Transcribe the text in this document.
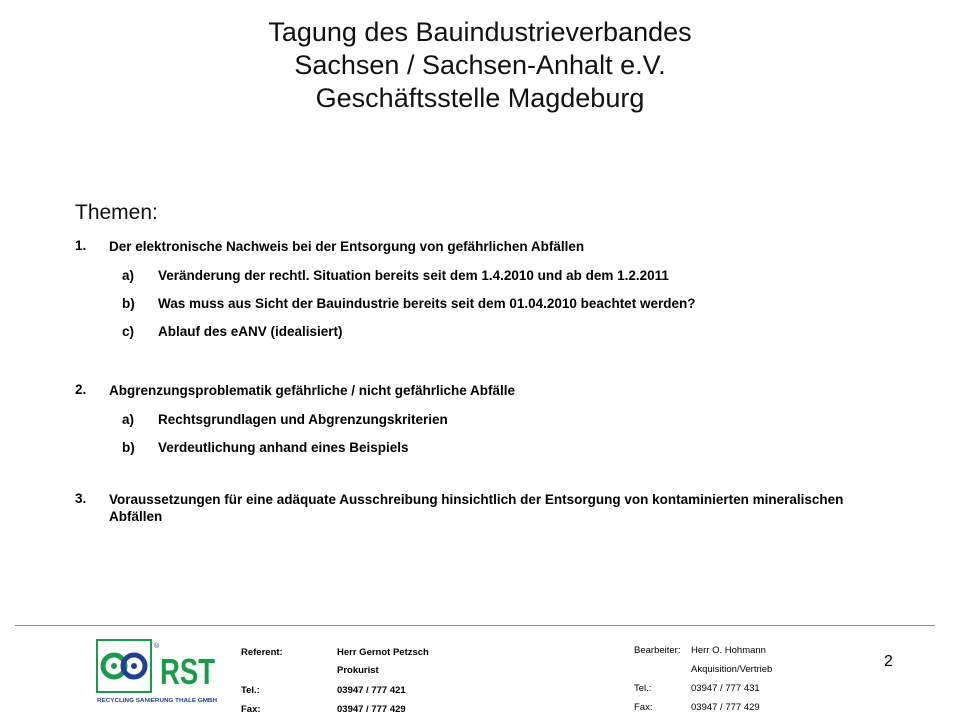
Tagung des Bauindustrieverbandes
Sachsen / Sachsen-Anhalt e.V.
Geschäftsstelle Magdeburg
Themen:
1. Der elektronische Nachweis bei der Entsorgung von gefährlichen Abfällen
a) Veränderung der rechtl. Situation bereits seit dem 1.4.2010 und ab dem 1.2.2011
b) Was muss aus Sicht der Bauindustrie bereits seit dem 01.04.2010 beachtet werden?
c) Ablauf des eANV (idealisiert)
2. Abgrenzungsproblematik gefährliche / nicht gefährliche Abfälle
a) Rechtsgrundlagen und Abgrenzungskriterien
b) Verdeutlichung anhand eines Beispiels
3. Voraussetzungen für eine adäquate Ausschreibung hinsichtlich der Entsorgung von kontaminierten mineralischen Abfällen
®
RST
RECYCLING SANIERUNG THALE GMBH
Referent:	Herr Gernot Petzsch
Prokurist
Tel.:	03947 / 777 421
Fax:	03947 / 777 429
Bearbeiter: Herr O. Hohmann
Akquisition/Vertrieb
Tel.:	03947 / 777 431
Fax:	03947 / 777 429
2
